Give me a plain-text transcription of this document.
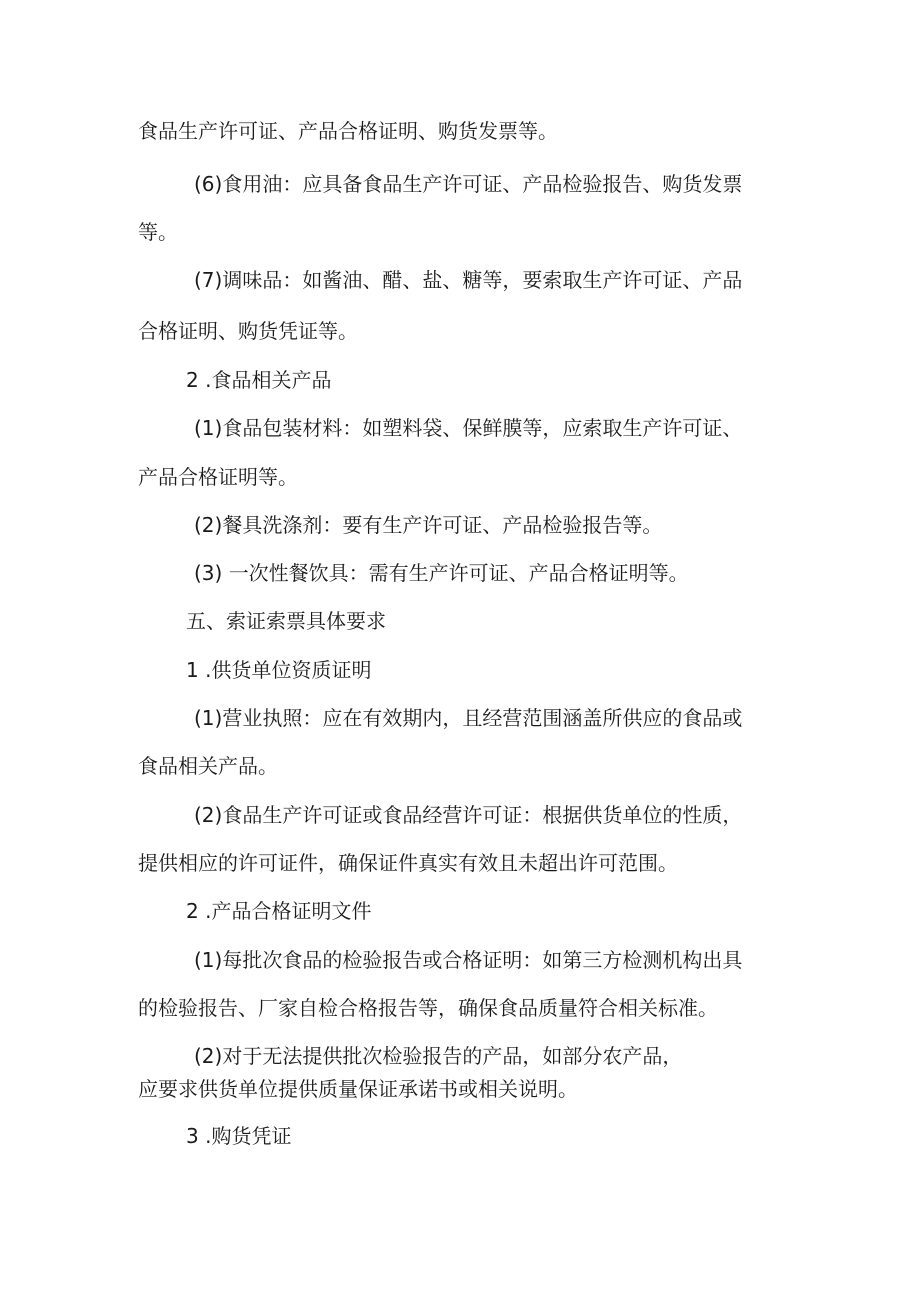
食品生产许可证、产品合格证明、购货发票等。
(6)食用油：应具备食品生产许可证、产品检验报告、购货发票
等。
(7)调味品：如酱油、醋、盐、糖等，要索取生产许可证、产品
合格证明、购货凭证等。
2 .食品相关产品
(1)食品包装材料：如塑料袋、保鲜膜等，应索取生产许可证、
产品合格证明等。
(2)餐具洗涤剂：要有生产许可证、产品检验报告等。
(3) 一次性餐饮具：需有生产许可证、产品合格证明等。
五、索证索票具体要求
1 .供货单位资质证明
(1)营业执照：应在有效期内，且经营范围涵盖所供应的食品或
食品相关产品。
(2)食品生产许可证或食品经营许可证：根据供货单位的性质，
提供相应的许可证件，确保证件真实有效且未超出许可范围。
2 .产品合格证明文件
(1)每批次食品的检验报告或合格证明：如第三方检测机构出具
的检验报告、厂家自检合格报告等，确保食品质量符合相关标准。
(2)对于无法提供批次检验报告的产品，如部分农产品，
应要求供货单位提供质量保证承诺书或相关说明。
3 .购货凭证
